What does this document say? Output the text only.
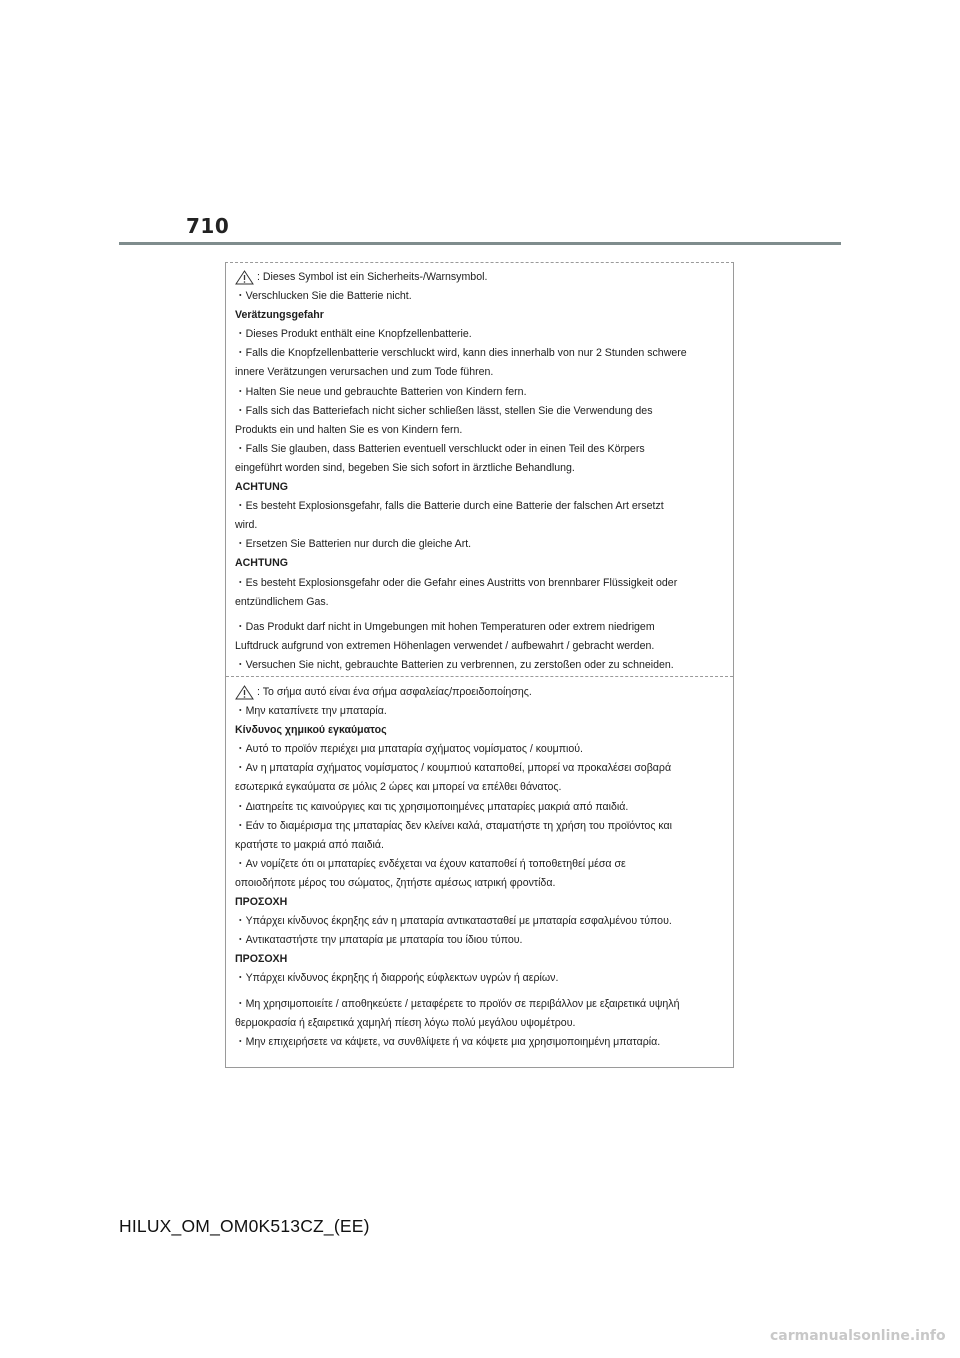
710
: Dieses Symbol ist ein Sicherheits-/Warnsymbol.
・Verschlucken Sie die Batterie nicht.
Verätzungsgefahr
・Dieses Produkt enthält eine Knopfzellenbatterie.
・Falls die Knopfzellenbatterie verschluckt wird, kann dies innerhalb von nur 2 Stunden schwere
innere Verätzungen verursachen und zum Tode führen.
・Halten Sie neue und gebrauchte Batterien von Kindern fern.
・Falls sich das Batteriefach nicht sicher schließen lässt, stellen Sie die Verwendung des
Produkts ein und halten Sie es von Kindern fern.
・Falls Sie glauben, dass Batterien eventuell verschluckt oder in einen Teil des Körpers
eingeführt worden sind, begeben Sie sich sofort in ärztliche Behandlung.
ACHTUNG
・Es besteht Explosionsgefahr, falls die Batterie durch eine Batterie der falschen Art ersetzt
wird.
・Ersetzen Sie Batterien nur durch die gleiche Art.
ACHTUNG
・Es besteht Explosionsgefahr oder die Gefahr eines Austritts von brennbarer Flüssigkeit oder
entzündlichem Gas.
・Das Produkt darf nicht in Umgebungen mit hohen Temperaturen oder extrem niedrigem
Luftdruck aufgrund von extremen Höhenlagen verwendet / aufbewahrt / gebracht werden.
・Versuchen Sie nicht, gebrauchte Batterien zu verbrennen, zu zerstoßen oder zu schneiden.
: Το σήμα αυτό είναι ένα σήμα ασφαλείας/προειδοποίησης.
・Μην καταπίνετε την μπαταρία.
Κίνδυνος χημικού εγκαύματος
・Αυτό το προϊόν περιέχει μια μπαταρία σχήματος νομίσματος / κουμπιού.
・Αν η μπαταρία σχήματος νομίσματος / κουμπιού καταποθεί, μπορεί να προκαλέσει σοβαρά
εσωτερικά εγκαύματα σε μόλις 2 ώρες και μπορεί να επέλθει θάνατος.
・Διατηρείτε τις καινούργιες και τις χρησιμοποιημένες μπαταρίες μακριά από παιδιά.
・Εάν το διαμέρισμα της μπαταρίας δεν κλείνει καλά, σταματήστε τη χρήση του προϊόντος και
κρατήστε το μακριά από παιδιά.
・Αν νομίζετε ότι οι μπαταρίες ενδέχεται να έχουν καταποθεί ή τοποθετηθεί μέσα σε
οποιοδήποτε μέρος του σώματος, ζητήστε αμέσως ιατρική φροντίδα.
ΠΡΟΣΟΧΗ
・Υπάρχει κίνδυνος έκρηξης εάν η μπαταρία αντικατασταθεί με μπαταρία εσφαλμένου τύπου.
・Αντικαταστήστε την μπαταρία με μπαταρία του ίδιου τύπου.
ΠΡΟΣΟΧΗ
・Υπάρχει κίνδυνος έκρηξης ή διαρροής εύφλεκτων υγρών ή αερίων.
・Μη χρησιμοποιείτε / αποθηκεύετε / μεταφέρετε το προϊόν σε περιβάλλον με εξαιρετικά υψηλή
θερμοκρασία ή εξαιρετικά χαμηλή πίεση λόγω πολύ μεγάλου υψομέτρου.
・Μην επιχειρήσετε να κάψετε, να συνθλίψετε ή να κόψετε μια χρησιμοποιημένη μπαταρία.
HILUX_OM_OM0K513CZ_(EE)
carmanualsonline.info
